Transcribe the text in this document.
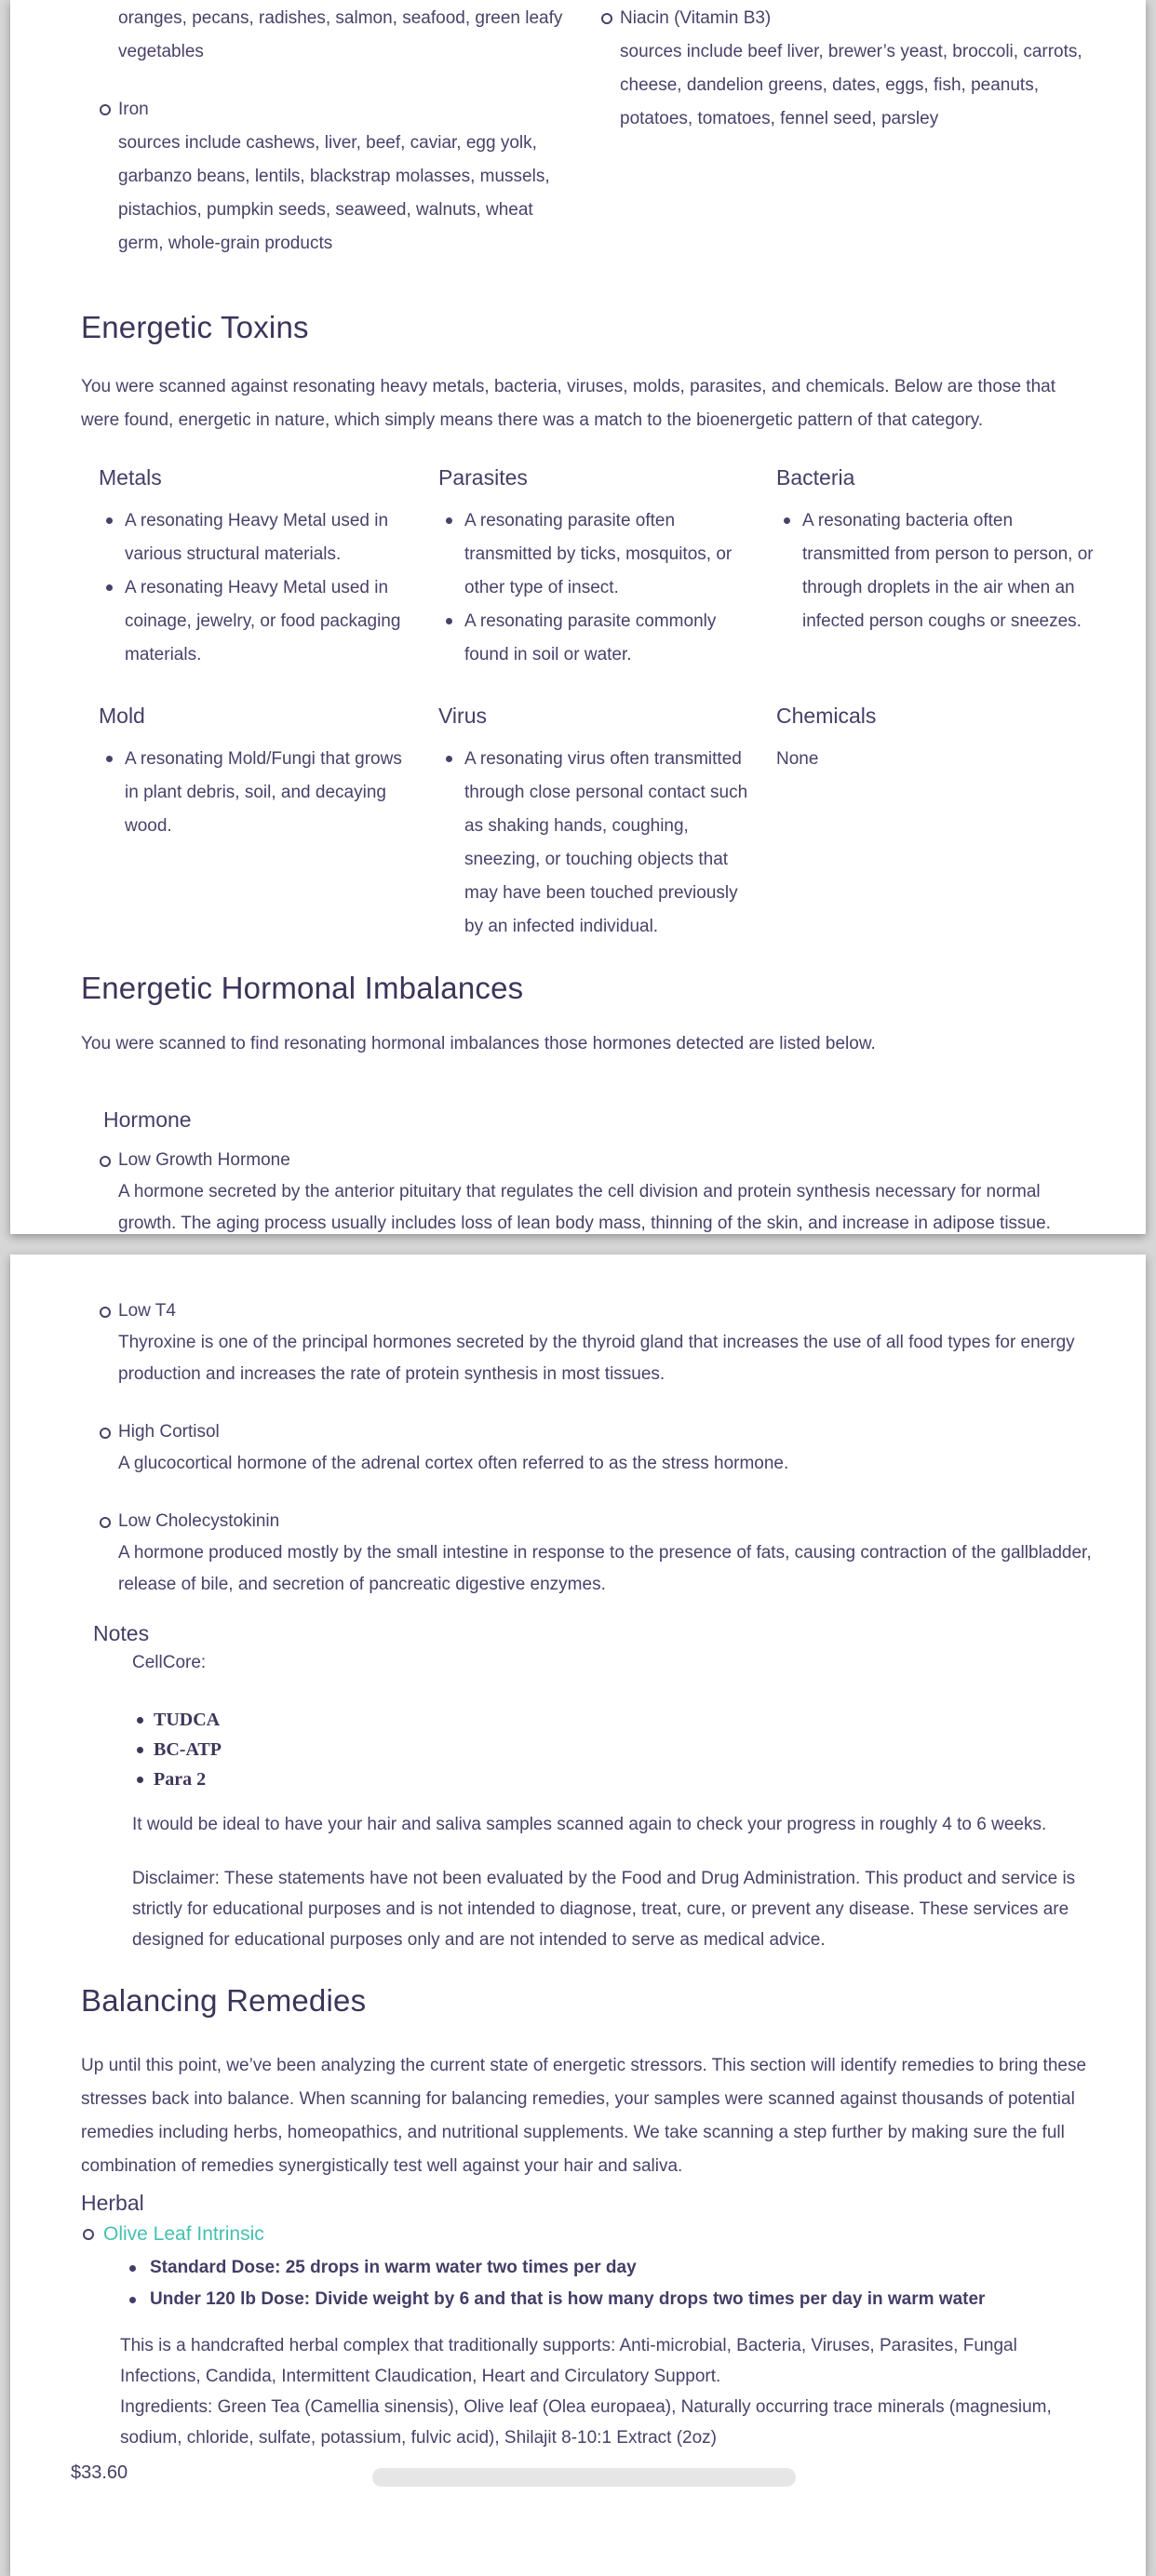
oranges, pecans, radishes, salmon, seafood, green leafy vegetables

Iron
sources include cashews, liver, beef, caviar, egg yolk, garbanzo beans, lentils, blackstrap molasses, mussels, pistachios, pumpkin seeds, seaweed, walnuts, wheat germ, whole-grain products
Niacin (Vitamin B3)
sources include beef liver, brewer’s yeast, broccoli, carrots, cheese, dandelion greens, dates, eggs, fish, peanuts, potatoes, tomatoes, fennel seed, parsley
Energetic Toxins

You were scanned against resonating heavy metals, bacteria, viruses, molds, parasites, and chemicals. Below are those that were found, energetic in nature, which simply means there was a match to the bioenergetic pattern of that category.

Metals
A resonating Heavy Metal used in various structural materials.
A resonating Heavy Metal used in coinage, jewelry, or food packaging materials.
Parasites
A resonating parasite often transmitted by ticks, mosquitos, or other type of insect.
A resonating parasite commonly found in soil or water.
Bacteria
A resonating bacteria often transmitted from person to person, or through droplets in the air when an infected person coughs or sneezes.
Mold
A resonating Mold/Fungi that grows in plant debris, soil, and decaying wood.
Virus
A resonating virus often transmitted through close personal contact such as shaking hands, coughing, sneezing, or touching objects that may have been touched previously by an infected individual.
Chemicals

None

Energetic Hormonal Imbalances

You were scanned to find resonating hormonal imbalances those hormones detected are listed below.

Hormone
Low Growth Hormone
A hormone secreted by the anterior pituitary that regulates the cell division and protein synthesis necessary for normal growth. The aging process usually includes loss of lean body mass, thinning of the skin, and increase in adipose tissue.
Low T4
Thyroxine is one of the principal hormones secreted by the thyroid gland that increases the use of all food types for energy production and increases the rate of protein synthesis in most tissues.
High Cortisol
A glucocortical hormone of the adrenal cortex often referred to as the stress hormone.
Low Cholecystokinin
A hormone produced mostly by the small intestine in response to the presence of fats, causing contraction of the gallbladder, release of bile, and secretion of pancreatic digestive enzymes.
Notes

CellCore:

TUDCA
BC-ATP
Para 2

It would be ideal to have your hair and saliva samples scanned again to check your progress in roughly 4 to 6 weeks.

Disclaimer: These statements have not been evaluated by the Food and Drug Administration. This product and service is strictly for educational purposes and is not intended to diagnose, treat, cure, or prevent any disease. These services are designed for educational purposes only and are not intended to serve as medical advice.

Balancing Remedies

Up until this point, we’ve been analyzing the current state of energetic stressors. This section will identify remedies to bring these stresses back into balance. When scanning for balancing remedies, your samples were scanned against thousands of potential remedies including herbs, homeopathics, and nutritional supplements. We take scanning a step further by making sure the full combination of remedies synergistically test well against your hair and saliva.

Herbal
Olive Leaf Intrinsic
Standard Dose: 25 drops in warm water two times per day
Under 120 lb Dose: Divide weight by 6 and that is how many drops two times per day in warm water

This is a handcrafted herbal complex that traditionally supports: Anti-microbial, Bacteria, Viruses, Parasites, Fungal Infections, Candida, Intermittent Claudication, Heart and Circulatory Support.

Ingredients: Green Tea (Camellia sinensis), Olive leaf (Olea europaea), Naturally occurring trace minerals (magnesium, sodium, chloride, sulfate, potassium, fulvic acid), Shilajit 8-10:1 Extract (2oz)

$33.60
